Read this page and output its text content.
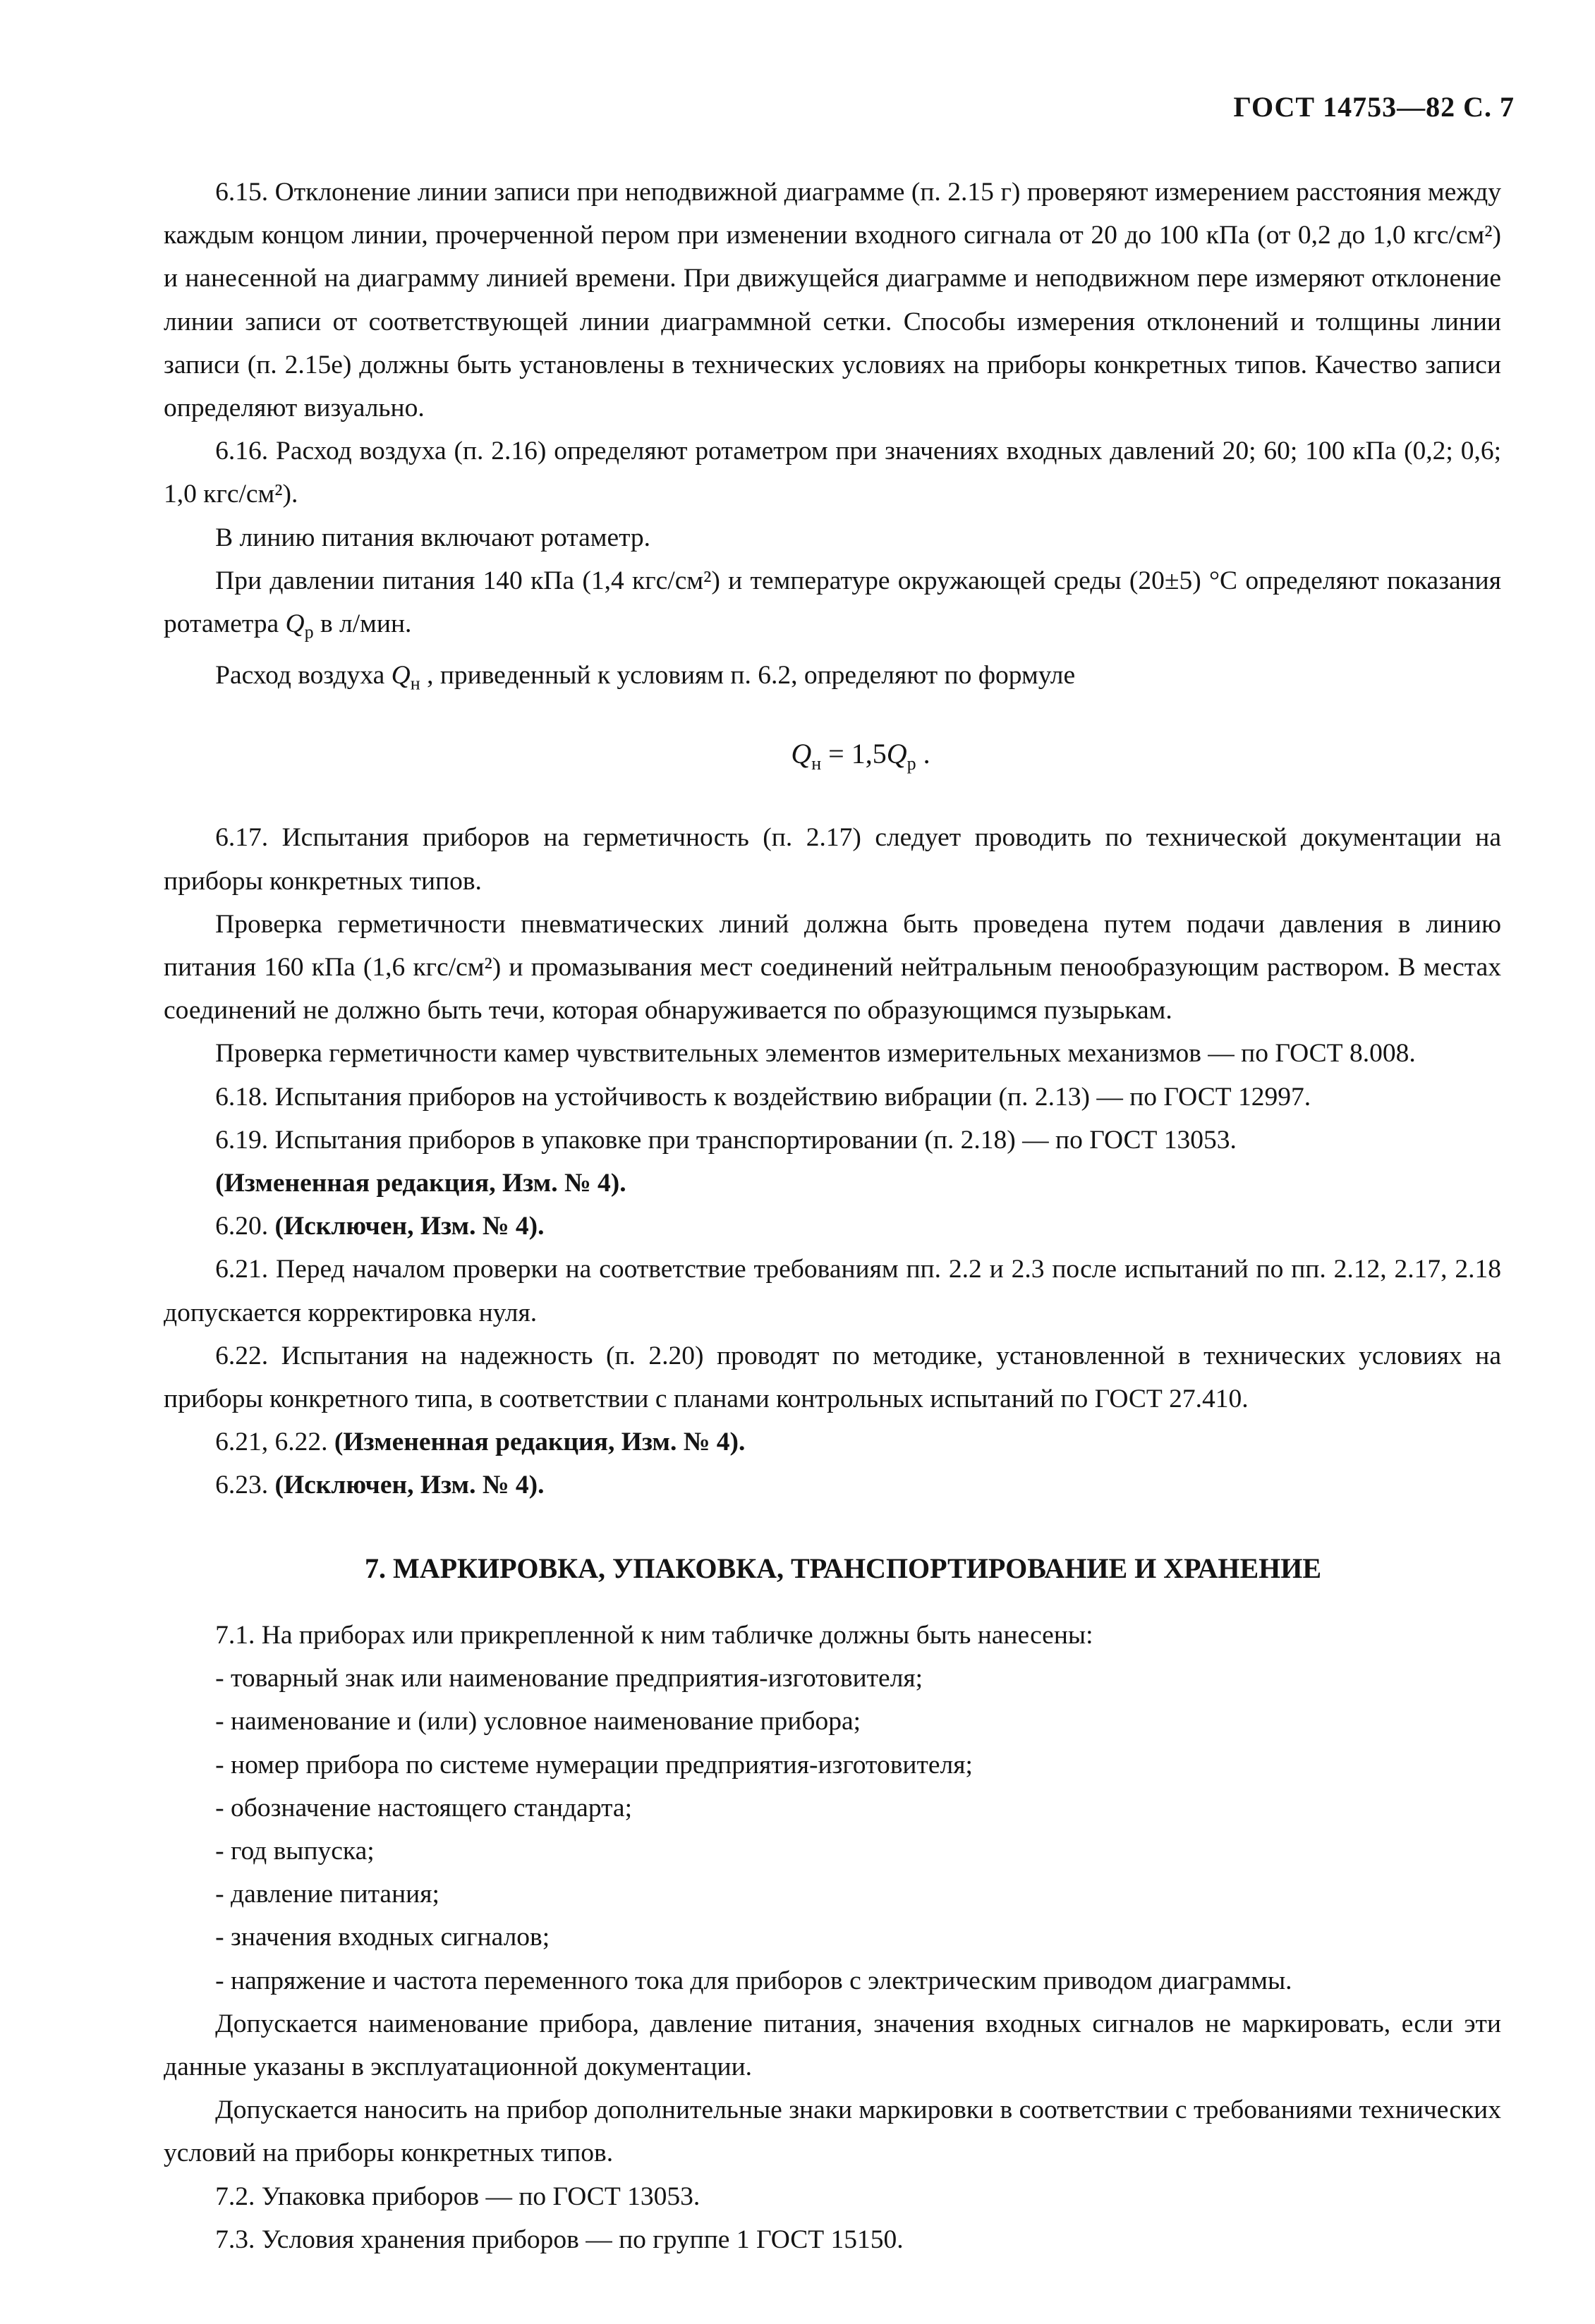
ГОСТ 14753—82 С. 7

6.15. Отклонение линии записи при неподвижной диаграмме (п. 2.15 г) проверяют измерением расстояния между каждым концом линии, прочерченной пером при изменении входного сигнала от 20 до 100 кПа (от 0,2 до 1,0 кгс/см²) и нанесенной на диаграмму линией времени. При движущейся диаграмме и неподвижном пере измеряют отклонение линии записи от соответствующей линии диаграммной сетки. Способы измерения отклонений и толщины линии записи (п. 2.15е) должны быть установлены в технических условиях на приборы конкретных типов. Качество записи определяют визуально.

6.16. Расход воздуха (п. 2.16) определяют ротаметром при значениях входных давлений 20; 60; 100 кПа (0,2; 0,6; 1,0 кгс/см²).

В линию питания включают ротаметр.

При давлении питания 140 кПа (1,4 кгс/см²) и температуре окружающей среды (20±5) °С определяют показания ротаметра $Q_р$ в л/мин.

Расход воздуха $Q_н$ , приведенный к условиям п. 6.2, определяют по формуле

$Q_н = 1,5Q_р$ .

6.17. Испытания приборов на герметичность (п. 2.17) следует проводить по технической документации на приборы конкретных типов.

Проверка герметичности пневматических линий должна быть проведена путем подачи давления в линию питания 160 кПа (1,6 кгс/см²) и промазывания мест соединений нейтральным пенообразующим раствором. В местах соединений не должно быть течи, которая обнаруживается по образующимся пузырькам.

Проверка герметичности камер чувствительных элементов измерительных механизмов — по ГОСТ 8.008.

6.18. Испытания приборов на устойчивость к воздействию вибрации (п. 2.13) — по ГОСТ 12997.

6.19. Испытания приборов в упаковке при транспортировании (п. 2.18) — по ГОСТ 13053.

(Измененная редакция, Изм. № 4).

6.20. (Исключен, Изм. № 4).

6.21. Перед началом проверки на соответствие требованиям пп. 2.2 и 2.3 после испытаний по пп. 2.12, 2.17, 2.18 допускается корректировка нуля.

6.22. Испытания на надежность (п. 2.20) проводят по методике, установленной в технических условиях на приборы конкретного типа, в соответствии с планами контрольных испытаний по ГОСТ 27.410.

6.21, 6.22. (Измененная редакция, Изм. № 4).

6.23. (Исключен, Изм. № 4).

7. МАРКИРОВКА, УПАКОВКА, ТРАНСПОРТИРОВАНИЕ И ХРАНЕНИЕ

7.1. На приборах или прикрепленной к ним табличке должны быть нанесены:

- товарный знак или наименование предприятия-изготовителя;
- наименование и (или) условное наименование прибора;
- номер прибора по системе нумерации предприятия-изготовителя;
- обозначение настоящего стандарта;
- год выпуска;
- давление питания;
- значения входных сигналов;
- напряжение и частота переменного тока для приборов с электрическим приводом диаграммы.

Допускается наименование прибора, давление питания, значения входных сигналов не маркировать, если эти данные указаны в эксплуатационной документации.

Допускается наносить на прибор дополнительные знаки маркировки в соответствии с требованиями технических условий на приборы конкретных типов.

7.2. Упаковка приборов — по ГОСТ 13053.

7.3. Условия хранения приборов — по группе 1 ГОСТ 15150.
